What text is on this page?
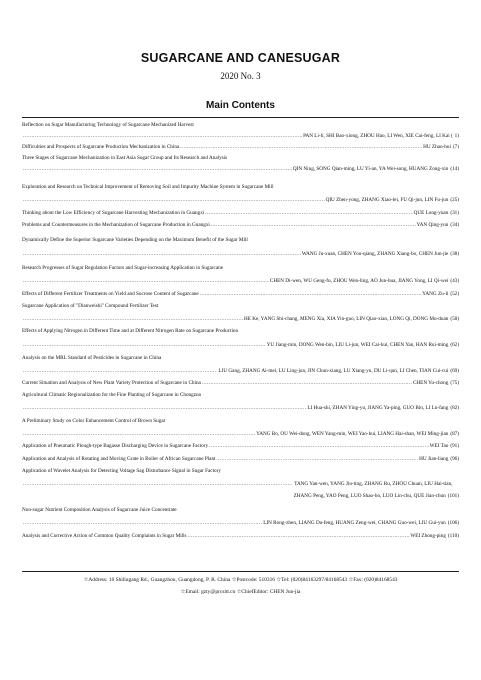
SUGARCANE AND CANESUGAR
2020 No. 3
Main Contents
Reflection on Sugar Manufacturing Technology of Sugarcane Mechanized Harvest
.....
PAN Li-li, SHI Bao-xiong, ZHOU Hao, LI Wen, XIE Cai-feng, LI Kai ( 1 )
Difficulties and Prospects of Sugarcane Production Mechanization in China .....	HU Zhao-hui ( 7 )
Three Stages of Sugarcane Mechanization in East Asia Sugar Group and Its Research and Analysis
.....
QIN Ning, SONG Qian-ming, LU Yi-an, YA Wei-song, HUANG Zong-xin ( 14 )
Exploration and Research on Technical Improvement of Removing Soil and Impurity Machine System in Sugarcane Mill
.....
QIU Zhen-yong, ZHANG Xiao-lei, FU Qi-jun, LIN Fu-jun ( 25 )
Thinking about the Low Efficiency of Sugarcane Harvesting Mechanization in Guangxi .....	QUE Long-yuan ( 31 )
Problems and Countermeasures in the Mechanization of Sugarcane Production in Guangxi .....	YAN Qing-yun ( 34 )
Dynamically Define the Superior Sugarcane Varieties Depending on the Maximum Benefit of the Sugar Mill
.....
WANG Ju-xuan, CHEN You-qiang, ZHANG Xiang-bo, CHEN Jun-jie ( 38 )
Research Progresses of Sugar Regulation Factors and Sugar-increasing Application in Sugarcane
.....
CHEN Di-wen, WU Geng-fu, ZHOU Wen-ling, AO Jun-hua, JIANG Yong, LI Qi-wei ( 43 )
Effects of Different Fertilizer Treatments on Yield and Sucrose Content of Sugarcane .....	YANG Zu-li ( 52 )
Sugarcane Application of "Dianweishi" Compound Fertilizer Test
.....
HE Ke, YANG Shi-chang, MENG Xia, XIA Yin-guo, LIN Qiao-xian, LONG Qi, DONG Mu-duan ( 58 )
Effects of Applying Nitrogen in Different Time and at Different Nitrogen Rate on Sugarcane Production
.....
YU Jiang-min, DONG Wen-bin, LIU Li-jun, WEI Cai-hui, CHEN Yan, HAN Rui-ming ( 62 )
Analysis on the MRL Standard of Pesticides in Sugarcane in China
.....
LIU Gang, ZHANG Ai-mei, LU Ling-jun, JIN Chun-xiang, LU Xiang-yu, DU Li-qun, LI Chen, TIAN Cui-cui ( 69 )
Current Situation and Analysis of New Plant Variety Protection of Sugarcane in China .....	CHEN Yu-chong ( 75 )
Agricultural Climatic Regionalization for the Fine Planting of Sugarcane in Chongzuo
.....
LI Hua-shi, ZHAN Ying-yu, JIANG Ya-ping, GUO Bin, LI Lu-fang ( 82 )
A Preliminary Study on Color Enhancement Control of Brown Sugar
.....
YANG Bo, OU Wei-dong, WEN Yang-min, WEI Yao-hui, LIANG Hai-shan, WEI Ming-jian ( 87 )
Application of Pneumatic Plough-type Bagasse Discharging Device in Sugarcane Factory .....	WEI Tao ( 91 )
Application and Analysis of Rotating and Moving Grate in Boiler of African Sugarcane Plant .....	HU Jian-liang ( 96 )
Application of Wavelet Analysis for Detecting Voltage Sag Disturbance Signal in Sugar Factory
.....
TANG Yan-wen, YANG Jin-ting, ZHANG Ru, ZHOU Chuan, LIU Hai-tian,
ZHANG Peng, YAO Peng, LUO Shao-bo, LUO Lin-chu, QUE Jian-chun ( 101 )
Non-sugar Nutrient Composition Analysis of Sugarcane Juice Concentrate
.....
LIN Rong-zhen, LIANG Da-feng, HUANG Zeng-wei, CHANG Guo-wei, LIU Gui-yun ( 106 )
Analysis and Corrective Action of Common Quality Complaints in Sugar Mills .....	WEI Zhong-ping ( 110 )
☆Address: 10 Shiliugang Rd., Guangzhou, Guangdong, P. R. China ☆Postcode: 510316 ☆Tel: (020)84163297/84168543 ☆Fax: (020)84168543
☆Email: gzty@prcsitt.cn ☆ChiefEditor: CHEN Jun-jia
